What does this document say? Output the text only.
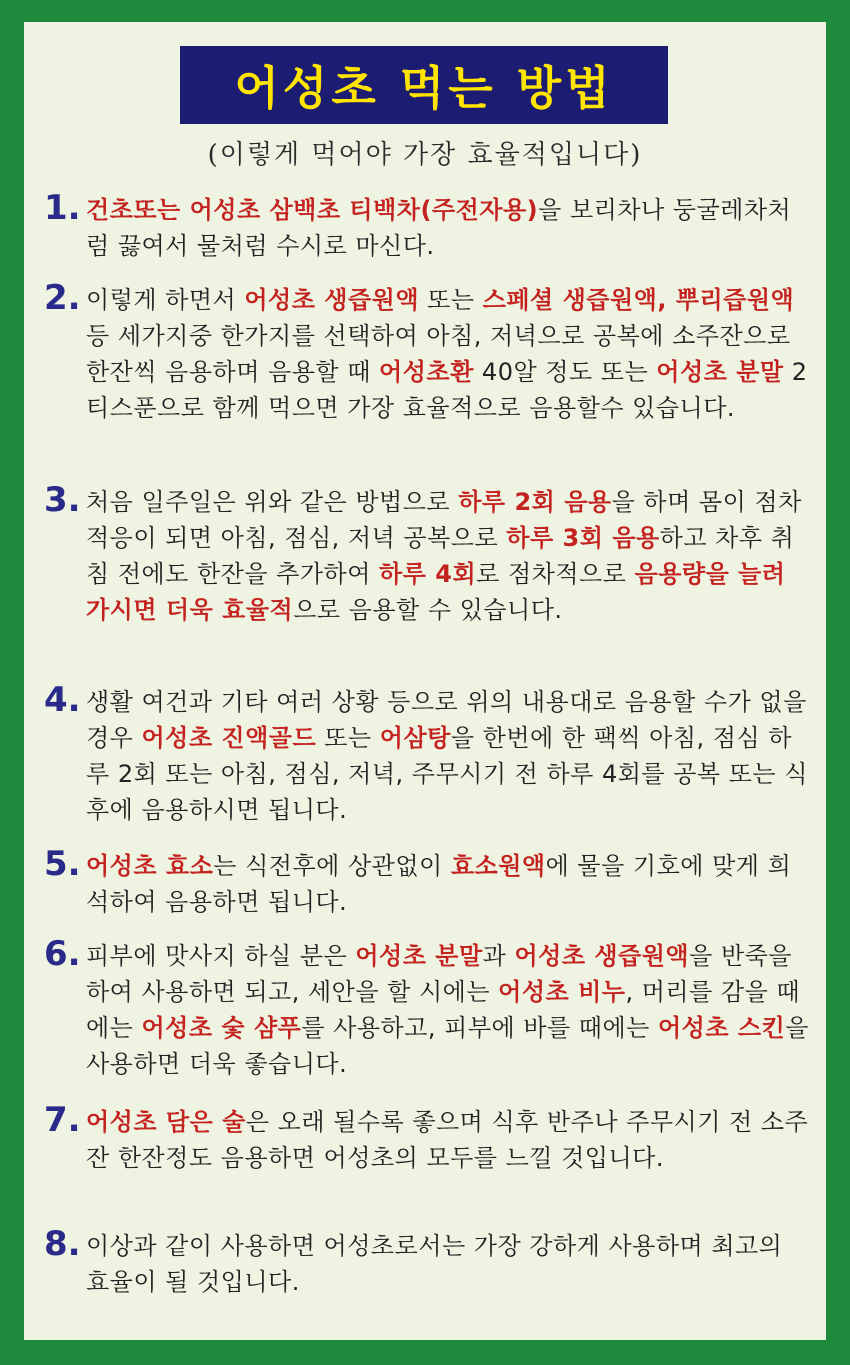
어성초 먹는 방법
(이렇게 먹어야 가장 효율적입니다)
1. 건초또는 어성초 삼백초 티백차(주전자용)을 보리차나 둥굴레차처럼 끓여서 물처럼 수시로 마신다.
2. 이렇게 하면서 어성초 생즙원액 또는 스페셜 생즙원액, 뿌리즙원액 등 세가지중 한가지를 선택하여 아침, 저녁으로 공복에 소주잔으로 한잔씩 음용하며 음용할 때 어성초환 40알 정도 또는 어성초 분말 2티스푼으로 함께 먹으면 가장 효율적으로 음용할수 있습니다.
3. 처음 일주일은 위와 같은 방법으로 하루 2회 음용을 하며 몸이 점차 적응이 되면 아침, 점심, 저녁 공복으로 하루 3회 음용하고 차후 취침 전에도 한잔을 추가하여 하루 4회로 점차적으로 음용량을 늘려 가시면 더욱 효율적으로 음용할 수 있습니다.
4. 생활 여건과 기타 여러 상황 등으로 위의 내용대로 음용할 수가 없을 경우 어성초 진액골드 또는 어삼탕을 한번에 한 팩씩 아침, 점심 하루 2회 또는 아침, 점심, 저녁, 주무시기 전 하루 4회를 공복 또는 식후에 음용하시면 됩니다.
5. 어성초 효소는 식전후에 상관없이 효소원액에 물을 기호에 맞게 희석하여 음용하면 됩니다.
6. 피부에 맛사지 하실 분은 어성초 분말과 어성초 생즙원액을 반죽을 하여 사용하면 되고, 세안을 할 시에는 어성초 비누, 머리를 감을 때에는 어성초 숯 샴푸를 사용하고, 피부에 바를 때에는 어성초 스킨을 사용하면 더욱 좋습니다.
7. 어성초 담은 술은 오래 될수록 좋으며 식후 반주나 주무시기 전 소주잔 한잔정도 음용하면 어성초의 모두를 느낄 것입니다.
8. 이상과 같이 사용하면 어성초로서는 가장 강하게 사용하며 최고의 효율이 될 것입니다.
